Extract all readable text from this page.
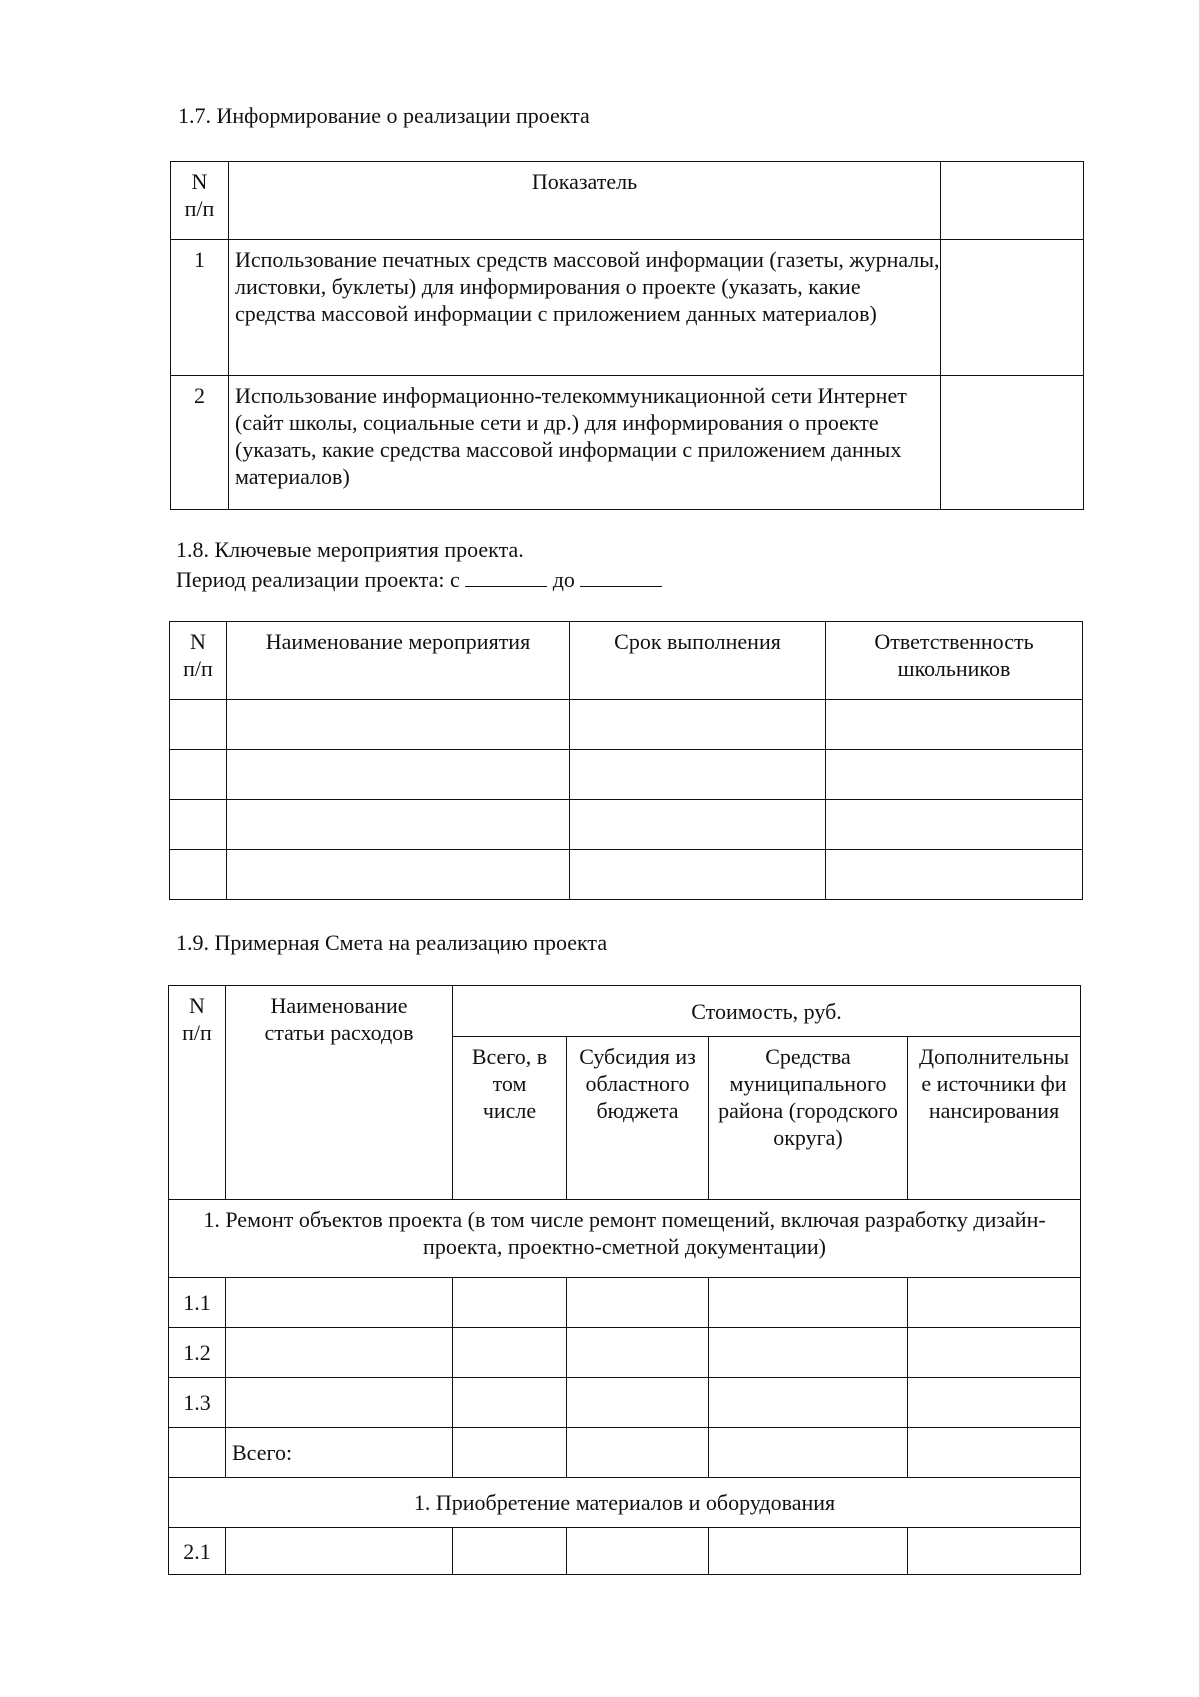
1.7. Информирование о реализации проекта
N п/п	Показатель	
1	Использование печатных средств массовой информации (газеты, журналы, листовки, буклеты) для информирования о проекте (указать, какие средства массовой информации с приложением данных материалов)	
2	Использование информационно-телекоммуникационной сети Интернет (сайт школы, социальные сети и др.) для информирования о проекте (указать, какие средства массовой информации с приложением данных материалов)	
1.8. Ключевые мероприятия проекта.
Период реализации проекта: с	до
N п/п	Наименование мероприятия	Срок выполнения	Ответственность школьников

1.9. Примерная Смета на реализацию проекта
N п/п	Наименование статьи расходов	Стоимость, руб.			

		Всего, в том числе	Субсидия из областного бюджета	Средства муниципального района (городского округа)	Дополнительные источники финансирования

1. Ремонт объектов проекта (в том числе ремонт помещений, включая разработку дизайн-проекта, проектно-сметной документации)					

1.1					
1.2					
1.3					
	Всего:				
1. Приобретение материалов и оборудования					
2.1					
